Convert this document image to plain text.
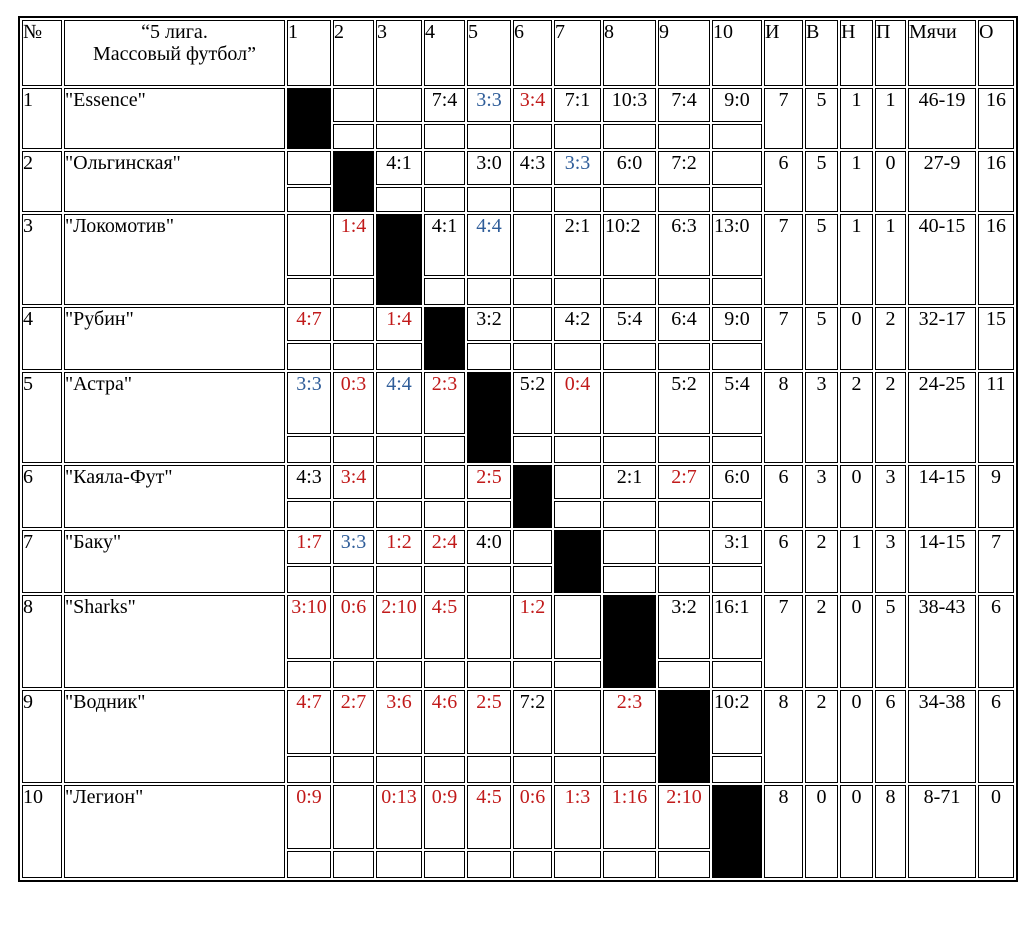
№	“5 лига.
Массовый футбол”	1	2	3	4	5	6	7	8	9	10	И	В	Н	П	Мячи	О
1	"Essence"				7:4	3:3	3:4	7:1	10:3	7:4	9:0	7	5	1	1	46-19	16

2	"Ольгинская"			4:1		3:0	4:3	3:3	6:0	7:2		6	5	1	0	27-9	16

3	"Локомотив"		1:4		4:1	4:4		2:1	10:2	6:3	13:0	7	5	1	1	40-15	16

4	"Рубин"	4:7		1:4		3:2		4:2	5:4	6:4	9:0	7	5	0	2	32-17	15

5	"Астра"	3:3	0:3	4:4	2:3		5:2	0:4		5:2	5:4	8	3	2	2	24-25	11

6	"Каяла-Фут"	4:3	3:4			2:5			2:1	2:7	6:0	6	3	0	3	14-15	9

7	"Баку"	1:7	3:3	1:2	2:4	4:0					3:1	6	2	1	3	14-15	7

8	"Sharks"	3:10	0:6	2:10	4:5		1:2			3:2	16:1	7	2	0	5	38-43	6

9	"Водник"	4:7	2:7	3:6	4:6	2:5	7:2		2:3		10:2	8	2	0	6	34-38	6

10	"Легион"	0:9		0:13	0:9	4:5	0:6	1:3	1:16	2:10		8	0	0	8	8-71	0
